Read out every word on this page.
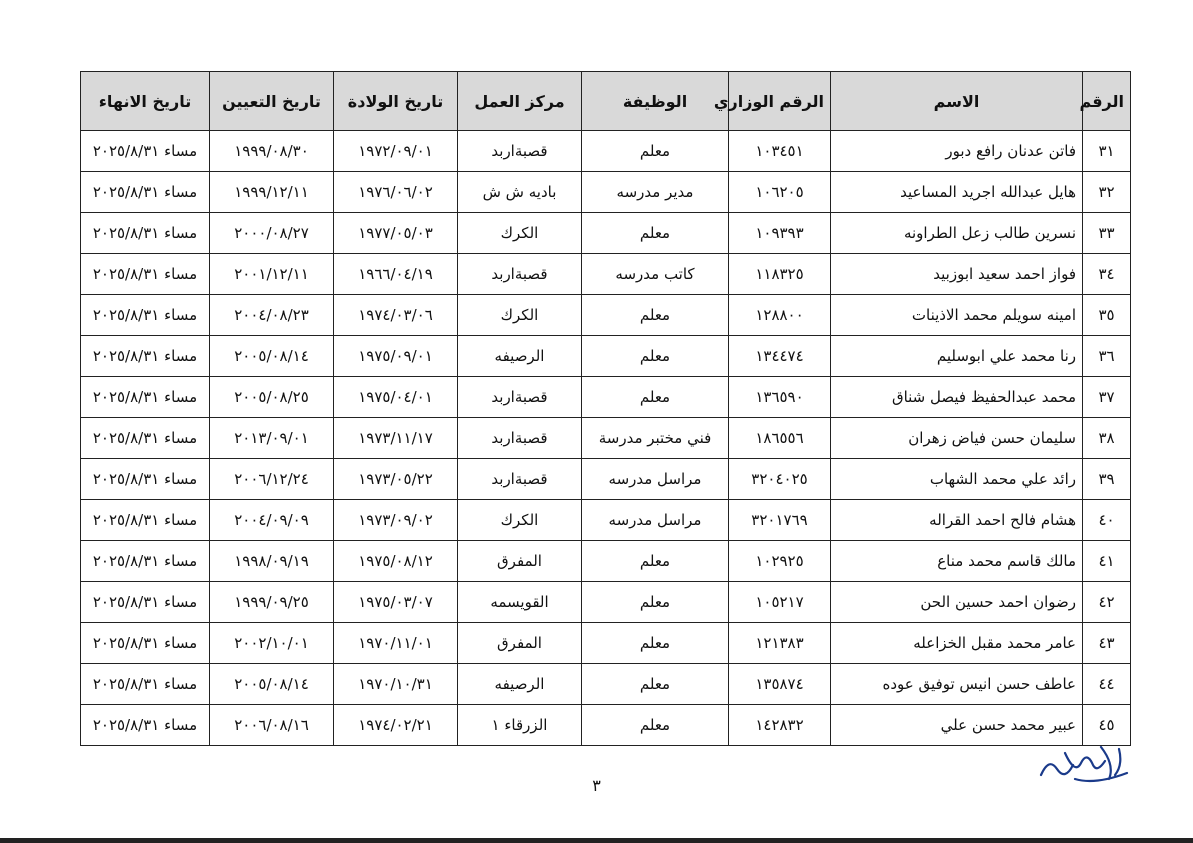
الرقم	الاسم	الرقم الوزاري	الوظيفة	مركز العمل	تاريخ الولادة	تاريخ التعيين	تاريخ الانهاء
٣١	فاتن عدنان رافع دبور	١٠٣٤٥١	معلم	قصبةاربد	١٩٧٢/٠٩/٠١	١٩٩٩/٠٨/٣٠	مساء ٢٠٢٥/٨/٣١
٣٢	هايل عبدالله اجريد المساعيد	١٠٦٢٠٥	مدير مدرسه	باديه ش ش	١٩٧٦/٠٦/٠٢	١٩٩٩/١٢/١١	مساء ٢٠٢٥/٨/٣١
٣٣	نسرين طالب زعل الطراونه	١٠٩٣٩٣	معلم	الكرك	١٩٧٧/٠٥/٠٣	٢٠٠٠/٠٨/٢٧	مساء ٢٠٢٥/٨/٣١
٣٤	فواز احمد سعيد ابوزبيد	١١٨٣٢٥	كاتب مدرسه	قصبةاربد	١٩٦٦/٠٤/١٩	٢٠٠١/١٢/١١	مساء ٢٠٢٥/٨/٣١
٣٥	امينه سويلم محمد الاذينات	١٢٨٨٠٠	معلم	الكرك	١٩٧٤/٠٣/٠٦	٢٠٠٤/٠٨/٢٣	مساء ٢٠٢٥/٨/٣١
٣٦	رنا محمد علي ابوسليم	١٣٤٤٧٤	معلم	الرصيفه	١٩٧٥/٠٩/٠١	٢٠٠٥/٠٨/١٤	مساء ٢٠٢٥/٨/٣١
٣٧	محمد عبدالحفيظ فيصل شناق	١٣٦٥٩٠	معلم	قصبةاربد	١٩٧٥/٠٤/٠١	٢٠٠٥/٠٨/٢٥	مساء ٢٠٢٥/٨/٣١
٣٨	سليمان حسن فياض زهران	١٨٦٥٥٦	فني مختبر مدرسة	قصبةاربد	١٩٧٣/١١/١٧	٢٠١٣/٠٩/٠١	مساء ٢٠٢٥/٨/٣١
٣٩	رائد علي محمد الشهاب	٣٢٠٤٠٢٥	مراسل مدرسه	قصبةاربد	١٩٧٣/٠٥/٢٢	٢٠٠٦/١٢/٢٤	مساء ٢٠٢٥/٨/٣١
٤٠	هشام فالح احمد القراله	٣٢٠١٧٦٩	مراسل مدرسه	الكرك	١٩٧٣/٠٩/٠٢	٢٠٠٤/٠٩/٠٩	مساء ٢٠٢٥/٨/٣١
٤١	مالك قاسم محمد مناع	١٠٢٩٢٥	معلم	المفرق	١٩٧٥/٠٨/١٢	١٩٩٨/٠٩/١٩	مساء ٢٠٢٥/٨/٣١
٤٢	رضوان احمد حسين الحن	١٠٥٢١٧	معلم	القويسمه	١٩٧٥/٠٣/٠٧	١٩٩٩/٠٩/٢٥	مساء ٢٠٢٥/٨/٣١
٤٣	عامر محمد مقبل الخزاعله	١٢١٣٨٣	معلم	المفرق	١٩٧٠/١١/٠١	٢٠٠٢/١٠/٠١	مساء ٢٠٢٥/٨/٣١
٤٤	عاطف حسن انيس توفيق عوده	١٣٥٨٧٤	معلم	الرصيفه	١٩٧٠/١٠/٣١	٢٠٠٥/٠٨/١٤	مساء ٢٠٢٥/٨/٣١
٤٥	عبير محمد حسن علي	١٤٢٨٣٢	معلم	الزرقاء ١	١٩٧٤/٠٢/٢١	٢٠٠٦/٠٨/١٦	مساء ٢٠٢٥/٨/٣١
٣
